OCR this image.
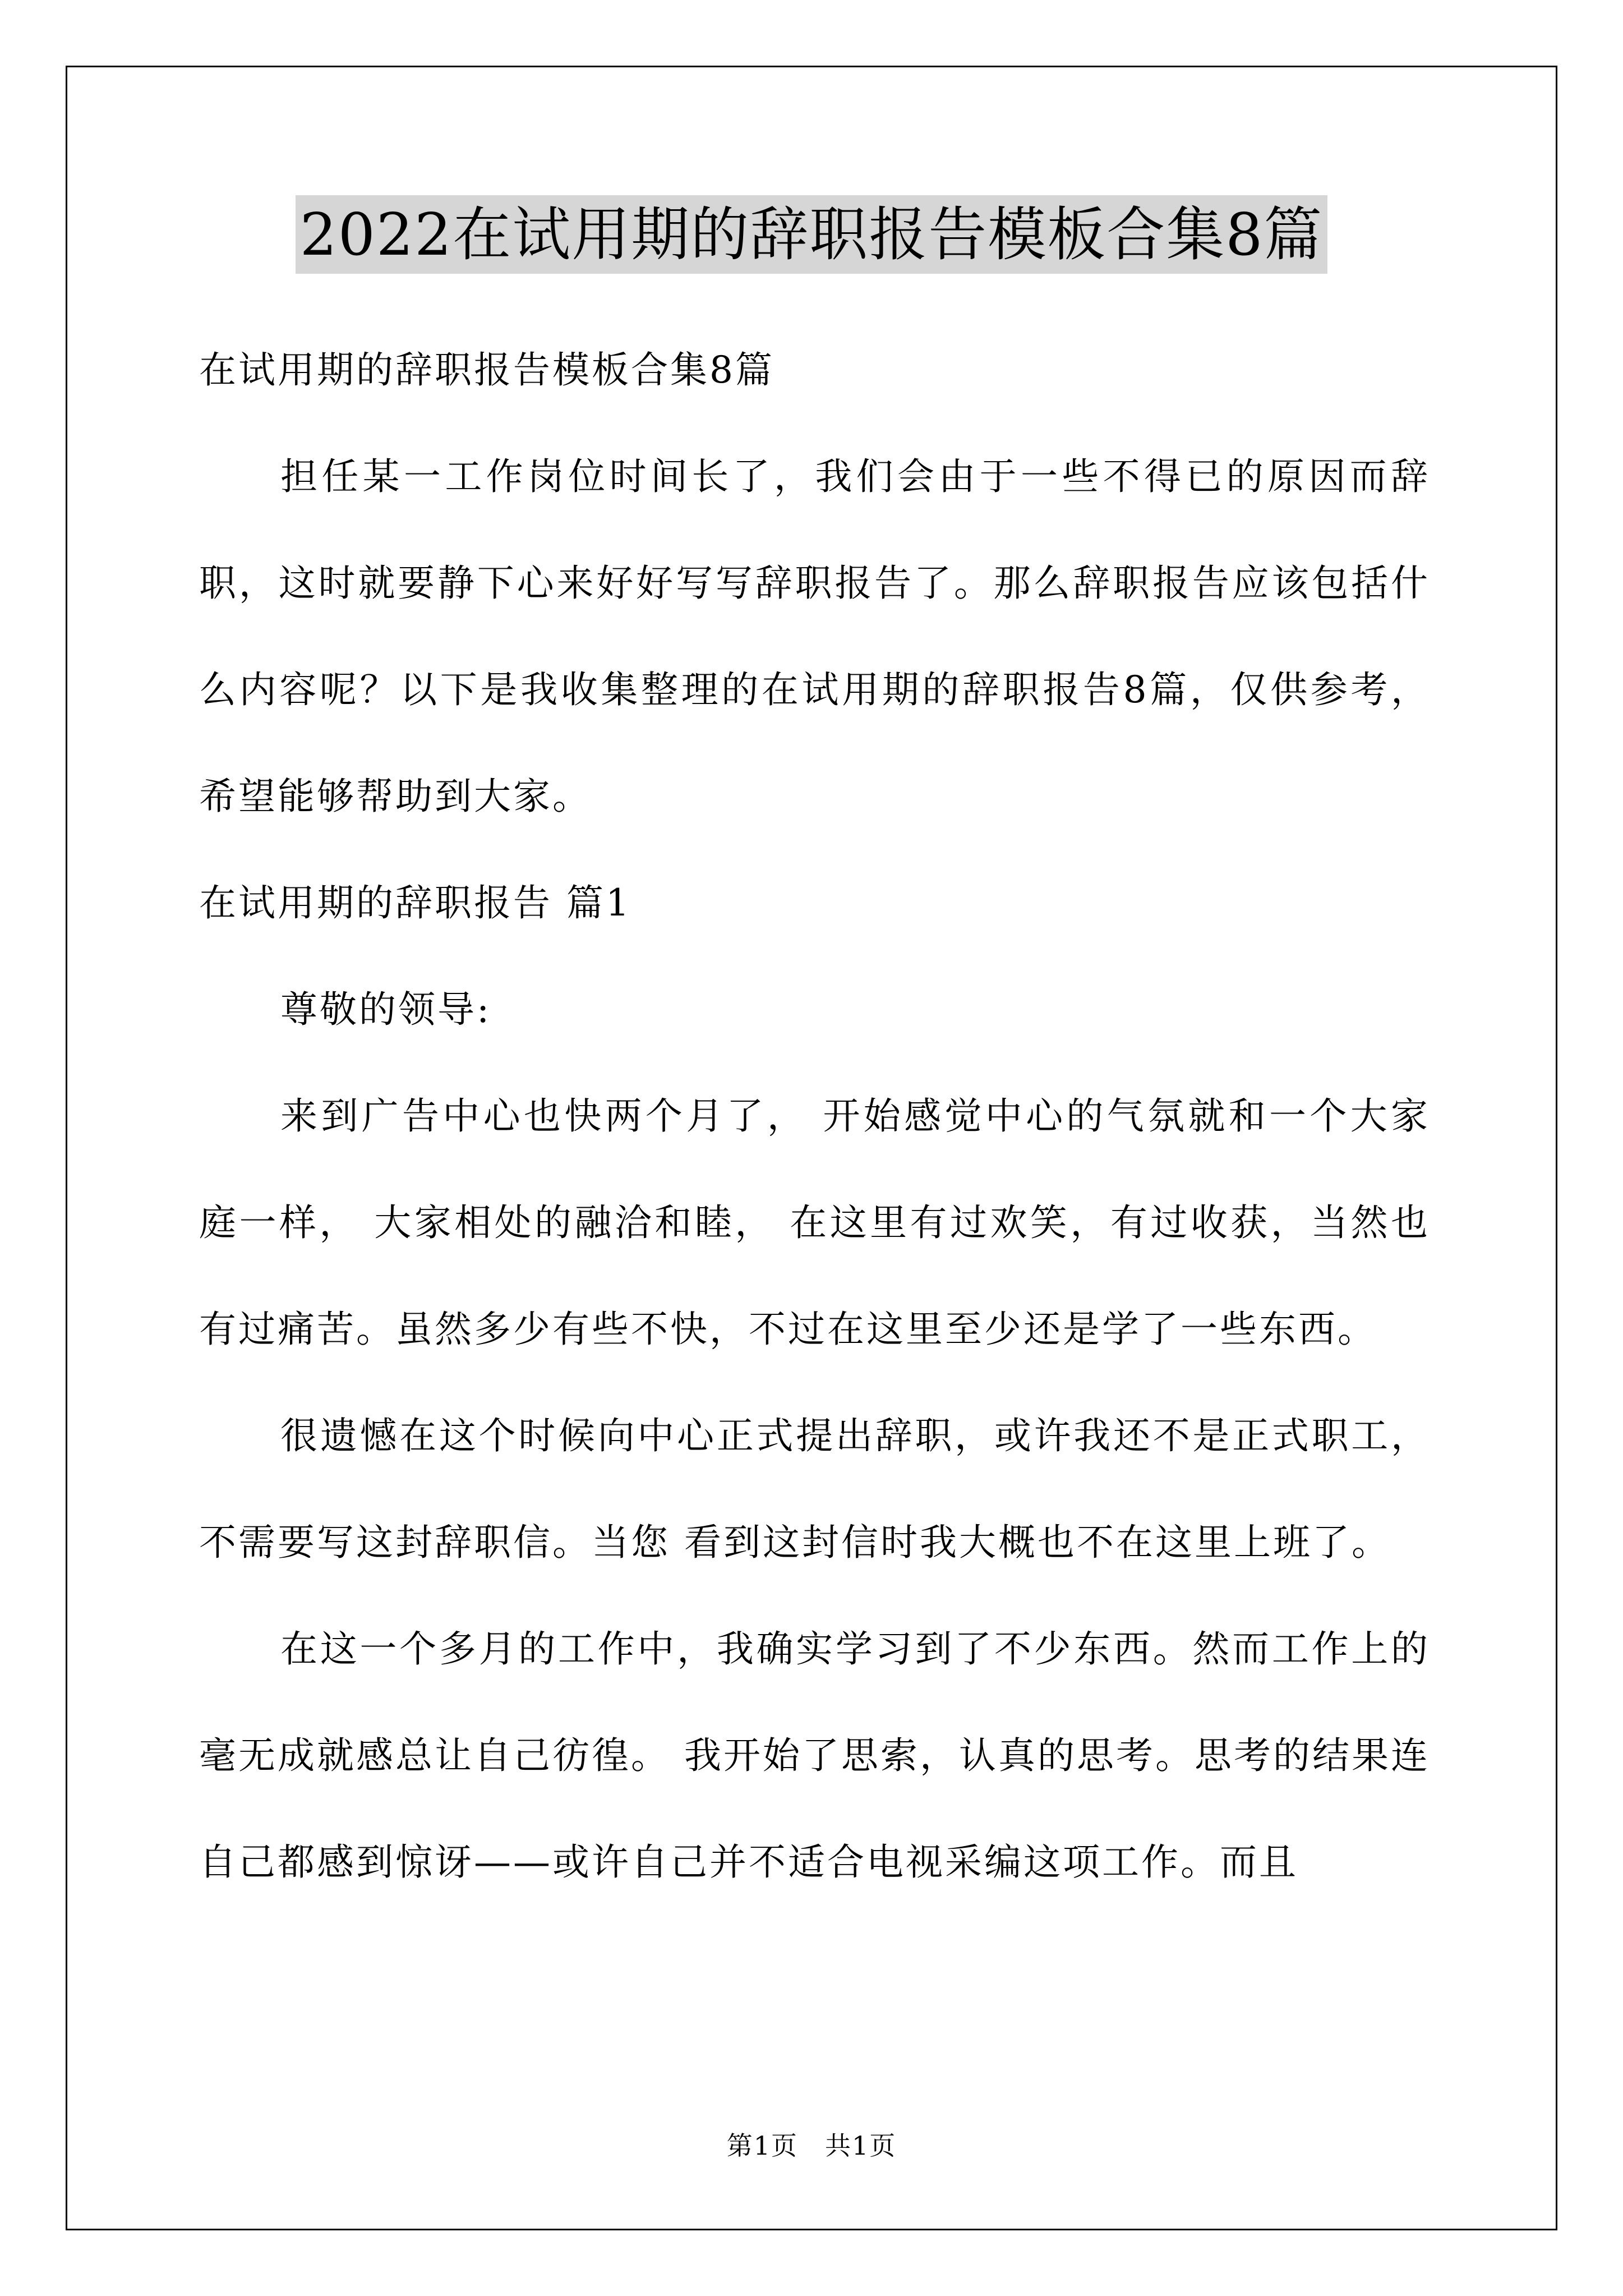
2022在试用期的辞职报告模板合集8篇

在试用期的辞职报告模板合集8篇

担任某一工作岗位时间长了，我们会由于一些不得已的原因而辞职，这时就要静下心来好好写写辞职报告了。那么辞职报告应该包括什么内容呢？以下是我收集整理的在试用期的辞职报告8篇，仅供参考，希望能够帮助到大家。

在试用期的辞职报告 篇1

尊敬的领导:

来到广告中心也快两个月了， 开始感觉中心的气氛就和一个大家庭一样， 大家相处的融洽和睦， 在这里有过欢笑，有过收获，当然也有过痛苦。虽然多少有些不快，不过在这里至少还是学了一些东西。

很遗憾在这个时候向中心正式提出辞职，或许我还不是正式职工，不需要写这封辞职信。当您 看到这封信时我大概也不在这里上班了。

在这一个多月的工作中，我确实学习到了不少东西。然而工作上的毫无成就感总让自己彷徨。 我开始了思索，认真的思考。思考的结果连自己都感到惊讶——或许自己并不适合电视采编这项工作。而且

第1页　共1页
